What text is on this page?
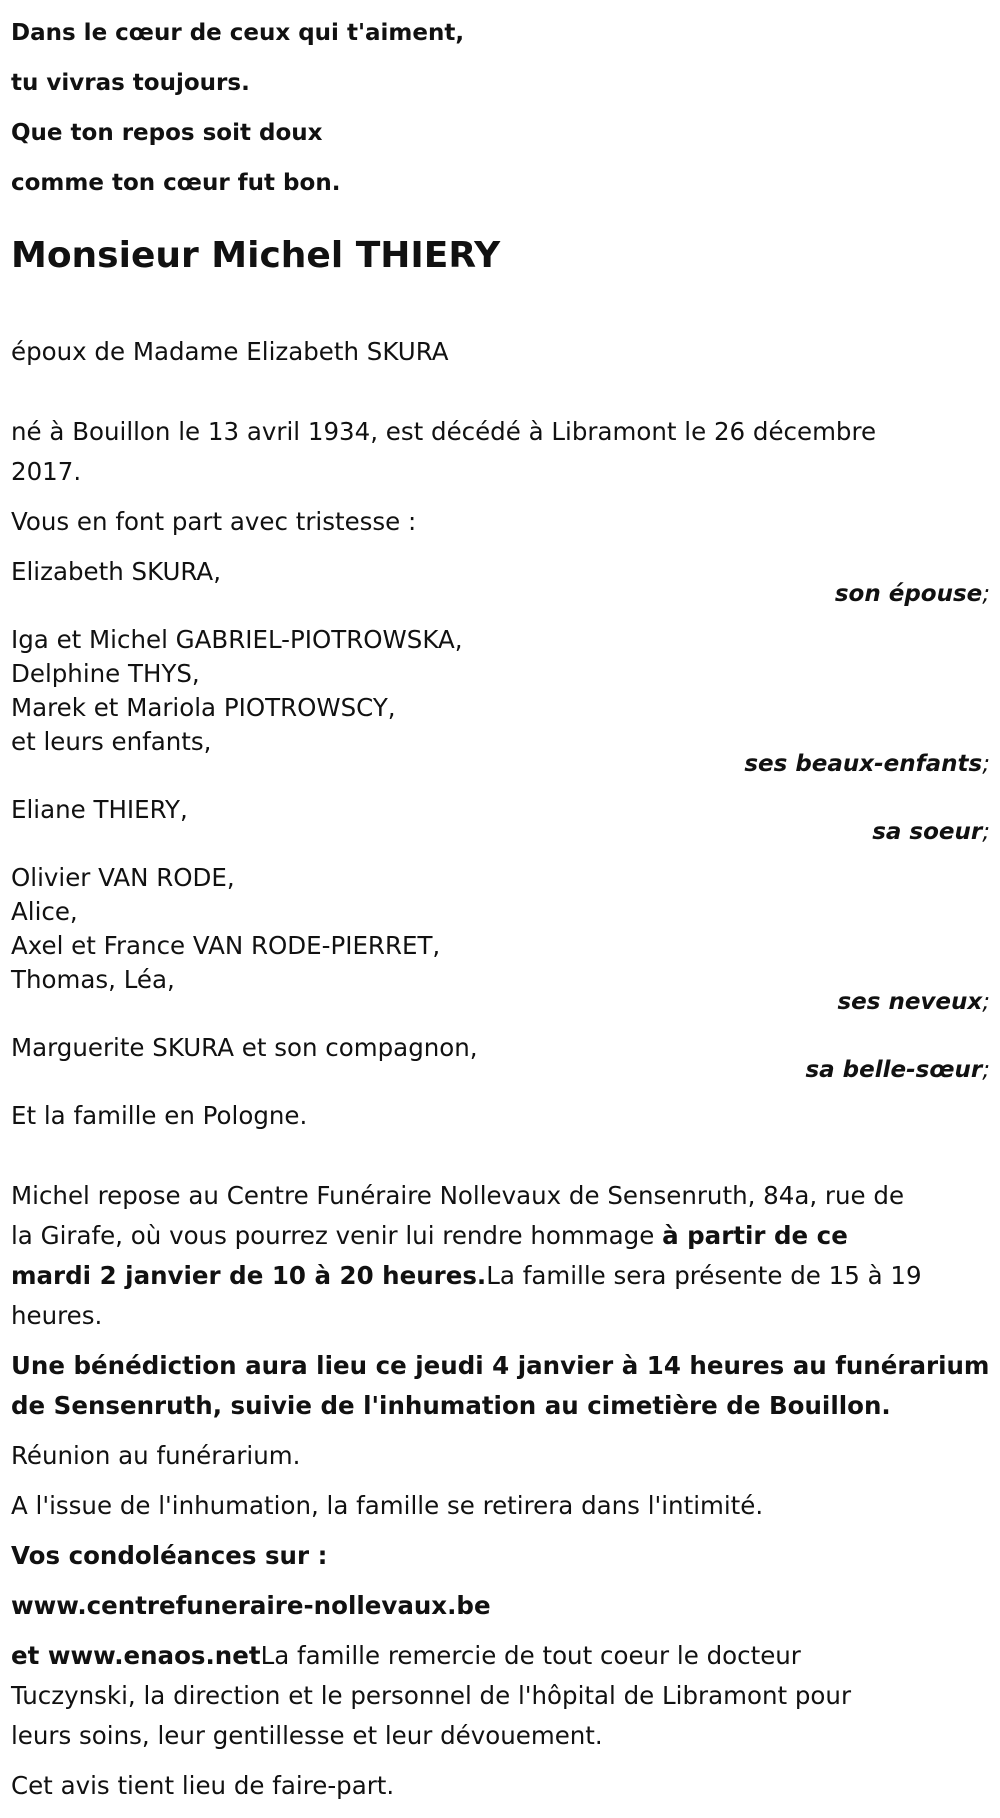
Dans le cœur de ceux qui t'aiment,

tu vivras toujours.

Que ton repos soit doux

comme ton cœur fut bon.

Monsieur Michel THIERY

époux de Madame Elizabeth SKURA

né à Bouillon le 13 avril 1934, est décédé à Libramont le 26 décembre

2017.

Vous en font part avec tristesse :

Elizabeth SKURA,

son épouse;

Iga et Michel GABRIEL-PIOTROWSKA,

Delphine THYS,

Marek et Mariola PIOTROWSCY,

et leurs enfants,

ses beaux-enfants;

Eliane THIERY,

sa soeur;

Olivier VAN RODE,

Alice,

Axel et France VAN RODE-PIERRET,

Thomas, Léa,

ses neveux;

Marguerite SKURA et son compagnon,

sa belle-sœur;

Et la famille en Pologne.

Michel repose au Centre Funéraire Nollevaux de Sensenruth, 84a, rue de

la Girafe, où vous pourrez venir lui rendre hommage à partir de ce

mardi 2 janvier de 10 à 20 heures.La famille sera présente de 15 à 19

heures.

Une bénédiction aura lieu ce jeudi 4 janvier à 14 heures au funérarium

de Sensenruth, suivie de l'inhumation au cimetière de Bouillon.

Réunion au funérarium.

A l'issue de l'inhumation, la famille se retirera dans l'intimité.

Vos condoléances sur :

www.centrefuneraire-nollevaux.be

et www.enaos.netLa famille remercie de tout coeur le docteur

Tuczynski, la direction et le personnel de l'hôpital de Libramont pour

leurs soins, leur gentillesse et leur dévouement.

Cet avis tient lieu de faire-part.
